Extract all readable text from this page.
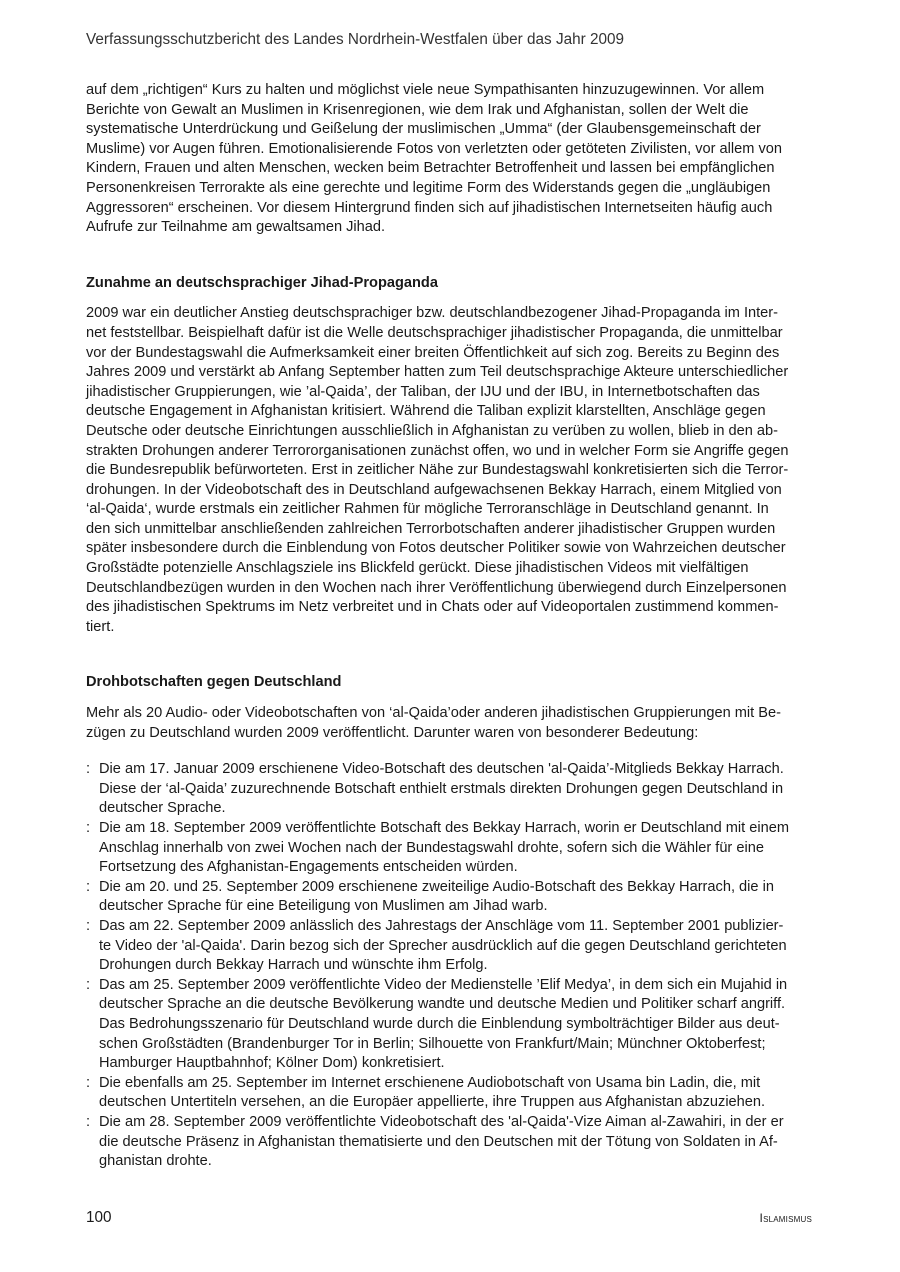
Verfassungsschutzbericht des Landes Nordrhein-Westfalen über das Jahr 2009

auf dem „richtigen“ Kurs zu halten und möglichst viele neue Sympathisanten hinzuzugewinnen. Vor allem
Berichte von Gewalt an Muslimen in Krisenregionen, wie dem Irak und Afghanistan, sollen der Welt die
systematische Unterdrückung und Geißelung der muslimischen „Umma“ (der Glaubensgemeinschaft der
Muslime) vor Augen führen. Emotionalisierende Fotos von verletzten oder getöteten Zivilisten, vor allem von
Kindern, Frauen und alten Menschen, wecken beim Betrachter Betroffenheit und lassen bei empfänglichen
Personenkreisen Terrorakte als eine gerechte und legitime Form des Widerstands gegen die „ungläubigen
Aggressoren“ erscheinen. Vor diesem Hintergrund finden sich auf jihadistischen Internetseiten häufig auch
Aufrufe zur Teilnahme am gewaltsamen Jihad.

Zunahme an deutschsprachiger Jihad-Propaganda

2009 war ein deutlicher Anstieg deutschsprachiger bzw. deutschlandbezogener Jihad-Propaganda im Inter-
net feststellbar. Beispielhaft dafür ist die Welle deutschsprachiger jihadistischer Propaganda, die unmittelbar
vor der Bundestagswahl die Aufmerksamkeit einer breiten Öffentlichkeit auf sich zog. Bereits zu Beginn des
Jahres 2009 und verstärkt ab Anfang September hatten zum Teil deutschsprachige Akteure unterschiedlicher
jihadistischer Gruppierungen, wie ’al-Qaida’, der Taliban, der IJU und der IBU, in Internetbotschaften das
deutsche Engagement in Afghanistan kritisiert. Während die Taliban explizit klarstellten, Anschläge gegen
Deutsche oder deutsche Einrichtungen ausschließlich in Afghanistan zu verüben zu wollen, blieb in den ab-
strakten Drohungen anderer Terrororganisationen zunächst offen, wo und in welcher Form sie Angriffe gegen
die Bundesrepublik befürworteten. Erst in zeitlicher Nähe zur Bundestagswahl konkretisierten sich die Terror-
drohungen. In der Videobotschaft des in Deutschland aufgewachsenen Bekkay Harrach, einem Mitglied von
‘al-Qaida‘, wurde erstmals ein zeitlicher Rahmen für mögliche Terroranschläge in Deutschland genannt. In
den sich unmittelbar anschließenden zahlreichen Terrorbotschaften anderer jihadistischer Gruppen wurden
später insbesondere durch die Einblendung von Fotos deutscher Politiker sowie von Wahrzeichen deutscher
Großstädte potenzielle Anschlagsziele ins Blickfeld gerückt. Diese jihadistischen Videos mit vielfältigen
Deutschlandbezügen wurden in den Wochen nach ihrer Veröffentlichung überwiegend durch Einzelpersonen
des jihadistischen Spektrums im Netz verbreitet und in Chats oder auf Videoportalen zustimmend kommen-
tiert.

Drohbotschaften gegen Deutschland

Mehr als 20 Audio- oder Videobotschaften von ‘al-Qaida’oder anderen jihadistischen Gruppierungen mit Be-
zügen zu Deutschland wurden 2009 veröffentlicht. Darunter waren von besonderer Bedeutung:

: Die am 17. Januar 2009 erschienene Video-Botschaft des deutschen 'al-Qaida’-Mitglieds Bekkay Harrach.
Diese der ‘al-Qaida’ zuzurechnende Botschaft enthielt erstmals direkten Drohungen gegen Deutschland in
deutscher Sprache.

: Die am 18. September 2009 veröffentlichte Botschaft des Bekkay Harrach, worin er Deutschland mit einem
Anschlag innerhalb von zwei Wochen nach der Bundestagswahl drohte, sofern sich die Wähler für eine
Fortsetzung des Afghanistan-Engagements entscheiden würden.

: Die am 20. und 25. September 2009 erschienene zweiteilige Audio-Botschaft des Bekkay Harrach, die in
deutscher Sprache für eine Beteiligung von Muslimen am Jihad warb.

: Das am 22. September 2009 anlässlich des Jahrestags der Anschläge vom 11. September 2001 publizier-
te Video der 'al-Qaida'. Darin bezog sich der Sprecher ausdrücklich auf die gegen Deutschland gerichteten
Drohungen durch Bekkay Harrach und wünschte ihm Erfolg.

: Das am 25. September 2009 veröffentlichte Video der Medienstelle ’Elif Medya’, in dem sich ein Mujahid in
deutscher Sprache an die deutsche Bevölkerung wandte und deutsche Medien und Politiker scharf angriff.
Das Bedrohungsszenario für Deutschland wurde durch die Einblendung symbolträchtiger Bilder aus deut-
schen Großstädten (Brandenburger Tor in Berlin; Silhouette von Frankfurt/Main; Münchner Oktoberfest;
Hamburger Hauptbahnhof; Kölner Dom) konkretisiert.

: Die ebenfalls am 25. September im Internet erschienene Audiobotschaft von Usama bin Ladin, die, mit
deutschen Untertiteln versehen, an die Europäer appellierte, ihre Truppen aus Afghanistan abzuziehen.

: Die am 28. September 2009 veröffentlichte Videobotschaft des 'al-Qaida'-Vize Aiman al-Zawahiri, in der er
die deutsche Präsenz in Afghanistan thematisierte und den Deutschen mit der Tötung von Soldaten in Af-
ghanistan drohte.

100	Islamismus
